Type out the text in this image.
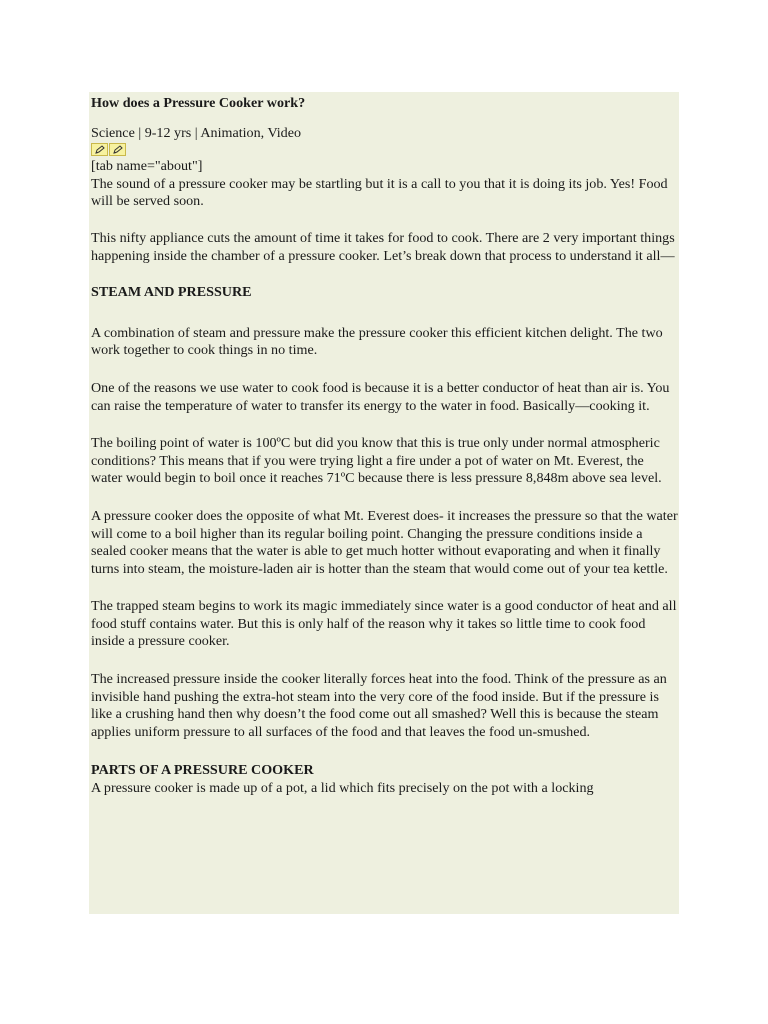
How does a Pressure Cooker work?

Science | 9-12 yrs | Animation, Video

[tab name="about"]

The sound of a pressure cooker may be startling but it is a call to you that it is doing its job. Yes! Food will be served soon.

This nifty appliance cuts the amount of time it takes for food to cook. There are 2 very important things happening inside the chamber of a pressure cooker. Let’s break down that process to understand it all—

STEAM AND PRESSURE

A combination of steam and pressure make the pressure cooker this efficient kitchen delight. The two work together to cook things in no time.

One of the reasons we use water to cook food is because it is a better conductor of heat than air is. You can raise the temperature of water to transfer its energy to the water in food. Basically—cooking it.

The boiling point of water is 100ºC but did you know that this is true only under normal atmospheric conditions? This means that if you were trying light a fire under a pot of water on Mt. Everest, the water would begin to boil once it reaches 71ºC because there is less pressure 8,848m above sea level.

A pressure cooker does the opposite of what Mt. Everest does- it increases the pressure so that the water will come to a boil higher than its regular boiling point. Changing the pressure conditions inside a sealed cooker means that the water is able to get much hotter without evaporating and when it finally turns into steam, the moisture-laden air is hotter than the steam that would come out of your tea kettle.

The trapped steam begins to work its magic immediately since water is a good conductor of heat and all food stuff contains water. But this is only half of the reason why it takes so little time to cook food inside a pressure cooker.

The increased pressure inside the cooker literally forces heat into the food. Think of the pressure as an invisible hand pushing the extra-hot steam into the very core of the food inside. But if the pressure is like a crushing hand then why doesn’t the food come out all smashed? Well this is because the steam applies uniform pressure to all surfaces of the food and that leaves the food un-smushed.

PARTS OF A PRESSURE COOKER

A pressure cooker is made up of a pot, a lid which fits precisely on the pot with a locking
